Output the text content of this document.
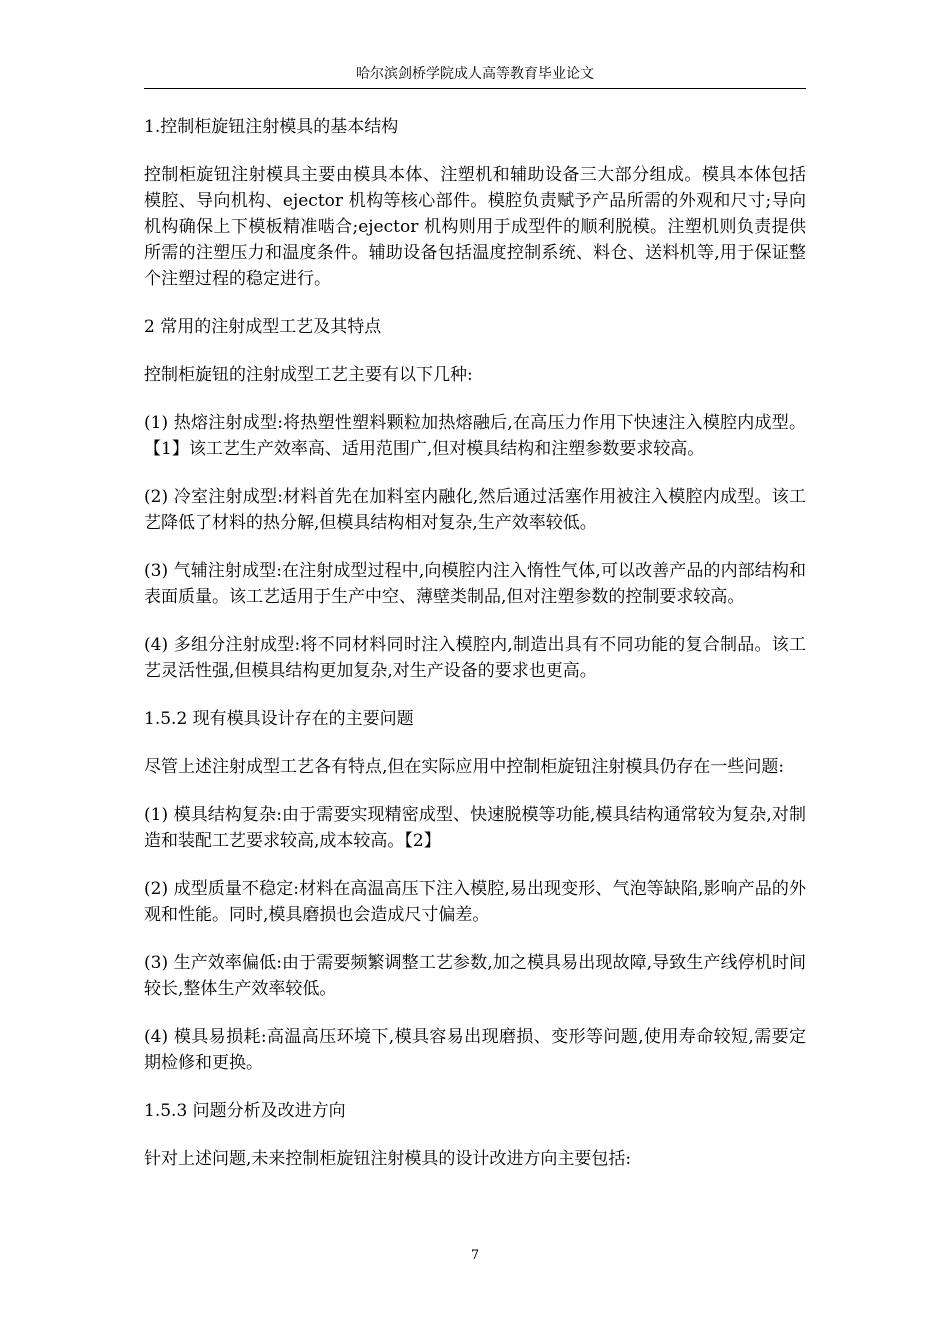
哈尔滨剑桥学院成人高等教育毕业论文

1.控制柜旋钮注射模具的基本结构

控制柜旋钮注射模具主要由模具本体、注塑机和辅助设备三大部分组成。模具本体包括模腔、导向机构、ejector 机构等核心部件。模腔负责赋予产品所需的外观和尺寸;导向机构确保上下模板精准啮合;ejector 机构则用于成型件的顺利脱模。注塑机则负责提供所需的注塑压力和温度条件。辅助设备包括温度控制系统、料仓、送料机等,用于保证整个注塑过程的稳定进行。

2 常用的注射成型工艺及其特点

控制柜旋钮的注射成型工艺主要有以下几种:

(1) 热熔注射成型:将热塑性塑料颗粒加热熔融后,在高压力作用下快速注入模腔内成型。【1】该工艺生产效率高、适用范围广,但对模具结构和注塑参数要求较高。

(2) 冷室注射成型:材料首先在加料室内融化,然后通过活塞作用被注入模腔内成型。该工艺降低了材料的热分解,但模具结构相对复杂,生产效率较低。

(3) 气辅注射成型:在注射成型过程中,向模腔内注入惰性气体,可以改善产品的内部结构和表面质量。该工艺适用于生产中空、薄壁类制品,但对注塑参数的控制要求较高。

(4) 多组分注射成型:将不同材料同时注入模腔内,制造出具有不同功能的复合制品。该工艺灵活性强,但模具结构更加复杂,对生产设备的要求也更高。

1.5.2 现有模具设计存在的主要问题

尽管上述注射成型工艺各有特点,但在实际应用中控制柜旋钮注射模具仍存在一些问题:

(1) 模具结构复杂:由于需要实现精密成型、快速脱模等功能,模具结构通常较为复杂,对制造和装配工艺要求较高,成本较高。【2】

(2) 成型质量不稳定:材料在高温高压下注入模腔,易出现变形、气泡等缺陷,影响产品的外观和性能。同时,模具磨损也会造成尺寸偏差。

(3) 生产效率偏低:由于需要频繁调整工艺参数,加之模具易出现故障,导致生产线停机时间较长,整体生产效率较低。

(4) 模具易损耗:高温高压环境下,模具容易出现磨损、变形等问题,使用寿命较短,需要定期检修和更换。

1.5.3 问题分析及改进方向

针对上述问题,未来控制柜旋钮注射模具的设计改进方向主要包括:

7
